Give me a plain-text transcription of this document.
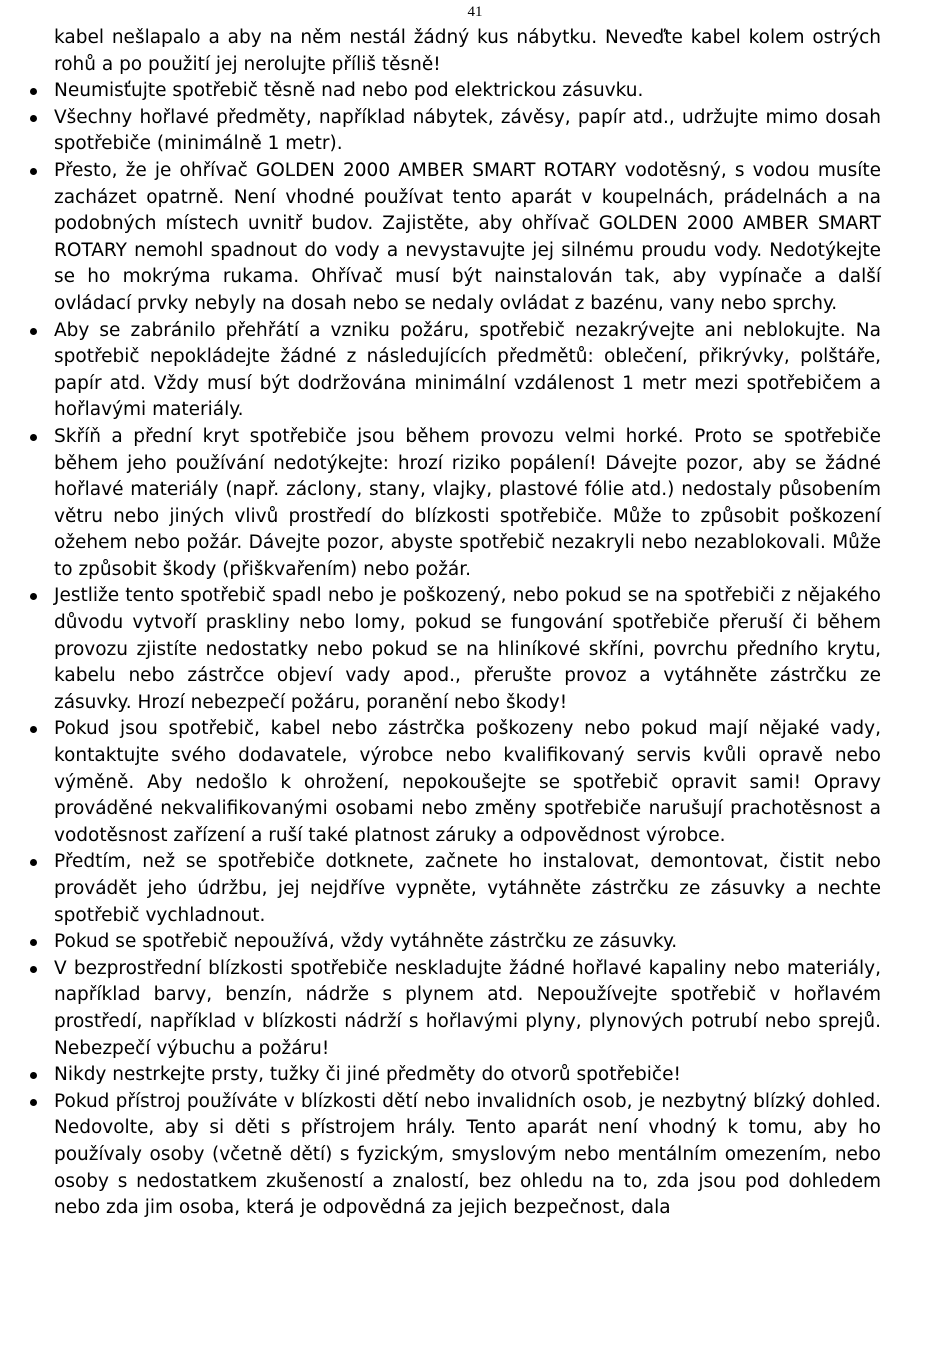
41

kabel nešlapalo a aby na něm nestál žádný kus nábytku. Neveďte kabel kolem ostrých rohů a po použití jej nerolujte příliš těsně!

Neumisťujte spotřebič těsně nad nebo pod elektrickou zásuvku.
Všechny hořlavé předměty, například nábytek, závěsy, papír atd., udržujte mimo dosah spotřebiče (minimálně 1 metr).
Přesto, že je ohřívač GOLDEN 2000 AMBER SMART ROTARY vodotěsný, s vodou musíte zacházet opatrně. Není vhodné používat tento aparát v koupelnách, prádelnách a na podobných místech uvnitř budov. Zajistěte, aby ohřívač GOLDEN 2000 AMBER SMART ROTARY nemohl spadnout do vody a nevystavujte jej silnému proudu vody. Nedotýkejte se ho mokrýma rukama. Ohřívač musí být nainstalován tak, aby vypínače a další ovládací prvky nebyly na dosah nebo se nedaly ovládat z bazénu, vany nebo sprchy.
Aby se zabránilo přehřátí a vzniku požáru, spotřebič nezakrývejte ani neblokujte. Na spotřebič nepokládejte žádné z následujících předmětů: oblečení, přikrývky, polštáře, papír atd. Vždy musí být dodržována minimální vzdálenost 1 metr mezi spotřebičem a hořlavými materiály.
Skříň a přední kryt spotřebiče jsou během provozu velmi horké. Proto se spotřebiče během jeho používání nedotýkejte: hrozí riziko popálení! Dávejte pozor, aby se žádné hořlavé materiály (např. záclony, stany, vlajky, plastové fólie atd.) nedostaly působením větru nebo jiných vlivů prostředí do blízkosti spotřebiče. Může to způsobit poškození ožehem nebo požár. Dávejte pozor, abyste spotřebič nezakryli nebo nezablokovali. Může to způsobit škody (přiškvařením) nebo požár.
Jestliže tento spotřebič spadl nebo je poškozený, nebo pokud se na spotřebiči z nějakého důvodu vytvoří praskliny nebo lomy, pokud se fungování spotřebiče přeruší či během provozu zjistíte nedostatky nebo pokud se na hliníkové skříni, povrchu předního krytu, kabelu nebo zástrčce objeví vady apod., přerušte provoz a vytáhněte zástrčku ze zásuvky. Hrozí nebezpečí požáru, poranění nebo škody!
Pokud jsou spotřebič, kabel nebo zástrčka poškozeny nebo pokud mají nějaké vady, kontaktujte svého dodavatele, výrobce nebo kvalifikovaný servis kvůli opravě nebo výměně. Aby nedošlo k ohrožení, nepokoušejte se spotřebič opravit sami! Opravy prováděné nekvalifikovanými osobami nebo změny spotřebiče narušují prachotěsnost a vodotěsnost zařízení a ruší také platnost záruky a odpovědnost výrobce.
Předtím, než se spotřebiče dotknete, začnete ho instalovat, demontovat, čistit nebo provádět jeho údržbu, jej nejdříve vypněte, vytáhněte zástrčku ze zásuvky a nechte spotřebič vychladnout.
Pokud se spotřebič nepoužívá, vždy vytáhněte zástrčku ze zásuvky.
V bezprostřední blízkosti spotřebiče neskladujte žádné hořlavé kapaliny nebo materiály, například barvy, benzín, nádrže s plynem atd. Nepoužívejte spotřebič v hořlavém prostředí, například v blízkosti nádrží s hořlavými plyny, plynových potrubí nebo sprejů. Nebezpečí výbuchu a požáru!
Nikdy nestrkejte prsty, tužky či jiné předměty do otvorů spotřebiče!
Pokud přístroj používáte v blízkosti dětí nebo invalidních osob, je nezbytný blízký dohled. Nedovolte, aby si děti s přístrojem hrály. Tento aparát není vhodný k tomu, aby ho používaly osoby (včetně dětí) s fyzickým, smyslovým nebo mentálním omezením, nebo osoby s nedostatkem zkušeností a znalostí, bez ohledu na to, zda jsou pod dohledem nebo zda jim osoba, která je odpovědná za jejich bezpečnost, dala
